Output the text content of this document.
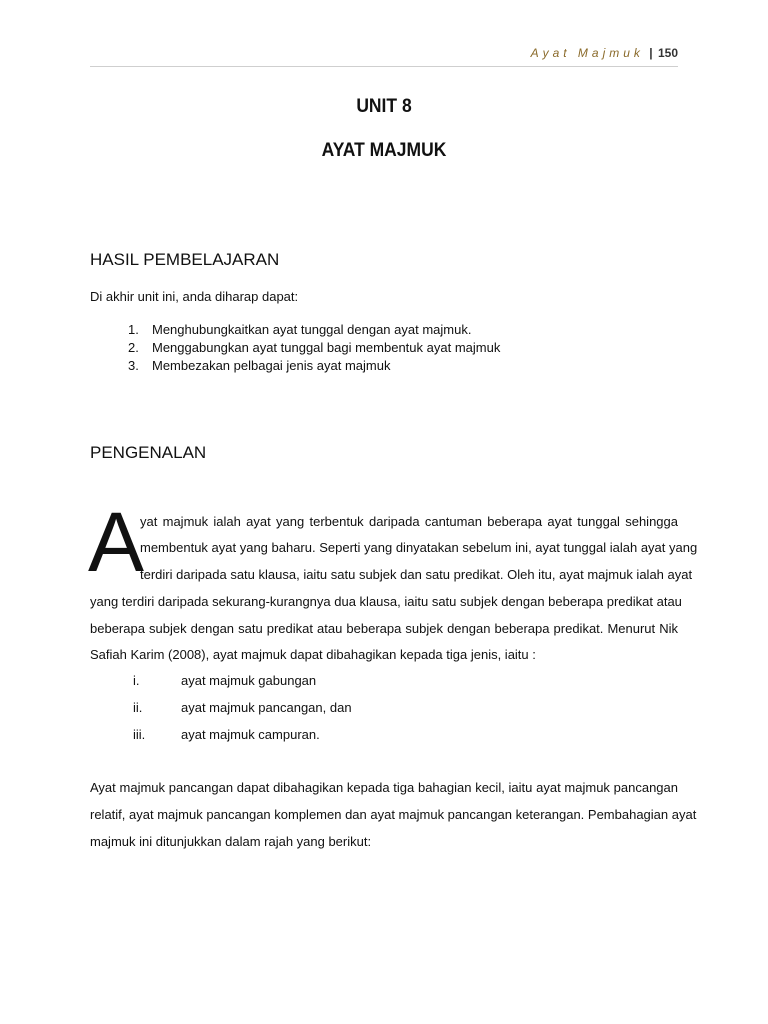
Ayat Majmuk | 150
UNIT 8
AYAT MAJMUK
HASIL PEMBELAJARAN
Di akhir unit ini, anda diharap dapat:
1.	Menghubungkaitkan ayat tunggal dengan ayat majmuk.
2.	Menggabungkan ayat tunggal bagi membentuk ayat majmuk
3.	Membezakan pelbagai jenis ayat majmuk
PENGENALAN
A
yat majmuk ialah ayat yang terbentuk daripada cantuman beberapa ayat tunggal sehingga
membentuk ayat yang baharu. Seperti yang dinyatakan sebelum ini, ayat tunggal ialah ayat yang
terdiri daripada satu klausa, iaitu satu subjek dan satu predikat. Oleh itu, ayat majmuk ialah ayat
yang terdiri daripada sekurang-kurangnya dua klausa, iaitu satu subjek dengan beberapa predikat atau
beberapa subjek dengan satu predikat atau beberapa subjek dengan beberapa predikat. Menurut Nik
Safiah Karim (2008), ayat majmuk dapat dibahagikan kepada tiga jenis, iaitu :
i.	ayat majmuk gabungan
ii.	ayat majmuk pancangan, dan
iii.	ayat majmuk campuran.
Ayat majmuk pancangan dapat dibahagikan kepada tiga bahagian kecil, iaitu ayat majmuk pancangan
relatif, ayat majmuk pancangan komplemen dan ayat majmuk pancangan keterangan. Pembahagian ayat
majmuk ini ditunjukkan dalam rajah yang berikut:
